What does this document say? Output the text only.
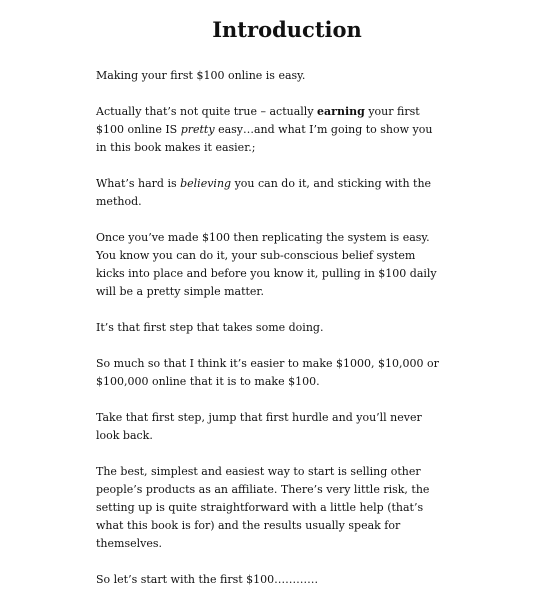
Introduction

Making your first $100 online is easy.

Actually that’s not quite true – actually earning your first $100 online IS pretty easy…and what I’m going to show you in this book makes it easier.;

What’s hard is believing you can do it, and sticking with the method.

Once you’ve made $100 then replicating the system is easy. You know you can do it, your sub-conscious belief system kicks into place and before you know it, pulling in $100 daily will be a pretty simple matter.

It’s that first step that takes some doing.

So much so that I think it’s easier to make $1000, $10,000 or $100,000 online that it is to make $100.

Take that first step, jump that first hurdle and you’ll never look back.

The best, simplest and easiest way to start is selling other people’s products as an affiliate. There’s very little risk, the setting up is quite straightforward with a little help (that’s what this book is for) and the results usually speak for themselves.

So let’s start with the first $100…………
